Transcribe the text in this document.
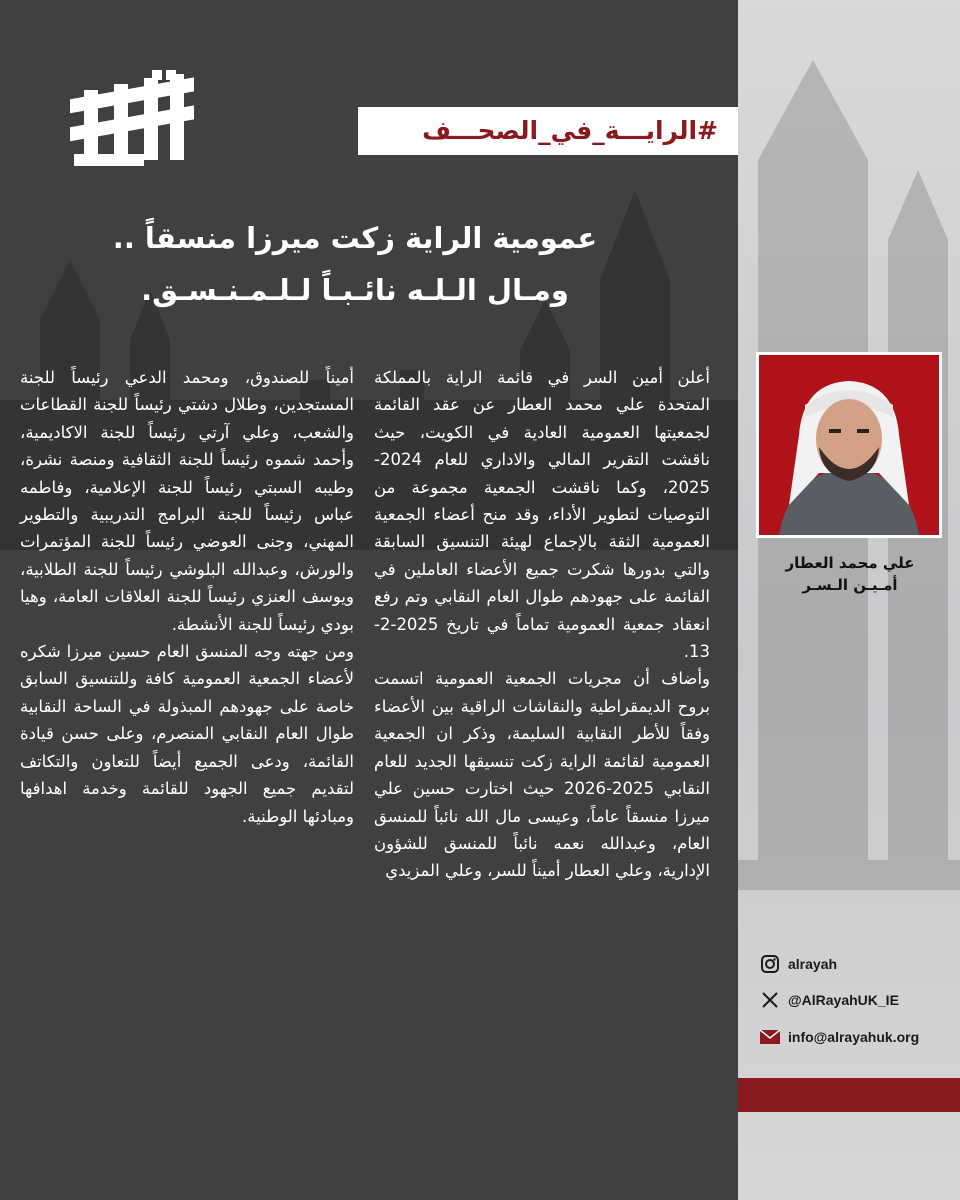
عمومية الراية زكت ميرزا منسقاً ..
ومـال الـلـه نائـبـاً لـلـمـنـسـق.

أعلن أمين السر في قائمة الراية بالمملكة المتحدة علي محمد العطار عن عقد القائمة لجمعيتها العمومية العادية في الكويت، حيث ناقشت التقرير المالي والاداري للعام 2024-2025، وكما ناقشت الجمعية مجموعة من التوصيات لتطوير الأداء، وقد منح أعضاء الجمعية العمومية الثقة بالإجماع لهيئة التنسيق السابقة والتي بدورها شكرت جميع الأعضاء العاملين في القائمة على جهودهم طوال العام النقابي وتم رفع انعقاد جمعية العمومية تماماً في تاريخ 2025-2-13.

وأضاف أن مجريات الجمعية العمومية اتسمت بروح الديمقراطية والنقاشات الراقية بين الأعضاء وفقاً للأطر النقابية السليمة، وذكر ان الجمعية العمومية لقائمة الراية زكت تنسيقها الجديد للعام النقابي 2025-2026 حيث اختارت حسين علي ميرزا منسقاً عاماً، وعيسى مال الله نائباً للمنسق العام، وعبدالله نعمه نائباً للمنسق للشؤون الإدارية، وعلي العطار أميناً للسر، وعلي المزيدي

أميناً للصندوق، ومحمد الدعي رئيساً للجنة المستجدين، وطلال دشتي رئيساً للجنة القطاعات والشعب، وعلي آرتي رئيساً للجنة الاكاديمية، وأحمد شموه رئيساً للجنة الثقافية ومنصة نشرة، وطيبه السبتي رئيساً للجنة الإعلامية، وفاطمه عباس رئيساً للجنة البرامج التدريبية والتطوير المهني، وجنى العوضي رئيساً للجنة المؤتمرات والورش، وعبدالله البلوشي رئيساً للجنة الطلابية، ويوسف العنزي رئيساً للجنة العلاقات العامة، وهيا بودي رئيساً للجنة الأنشطة.

ومن جهته وجه المنسق العام حسين ميرزا شكره لأعضاء الجمعية العمومية كافة وللتنسيق السابق خاصة على جهودهم المبذولة في الساحة النقابية طوال العام النقابي المنصرم، وعلى حسن قيادة القائمة، ودعى الجميع أيضاً للتعاون والتكاتف لتقديم جميع الجهود للقائمة وخدمة اهدافها ومبادئها الوطنية.

#الرايـــة_في_الصحـــف
علي محمد العطار
أمـيـن الـسـر
alrayah
@AlRayahUK_IE
info@alrayahuk.org
